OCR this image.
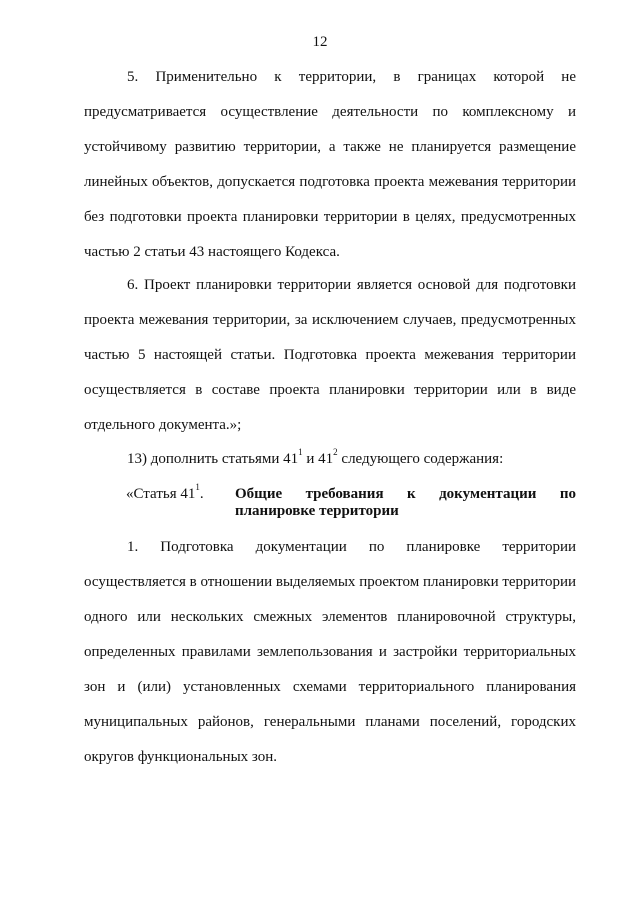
12
5. Применительно к территории, в границах которой не
предусматривается осуществление деятельности по комплексному и
устойчивому развитию территории, а также не планируется размещение
линейных объектов, допускается подготовка проекта межевания территории
без подготовки проекта планировки территории в целях, предусмотренных
частью 2 статьи 43 настоящего Кодекса.
6. Проект планировки территории является основой для подготовки
проекта межевания территории, за исключением случаев, предусмотренных
частью 5 настоящей статьи. Подготовка проекта межевания территории
осуществляется в составе проекта планировки территории или в виде
отдельного документа.»;
13) дополнить статьями $41^1$ и $41^2$ следующего содержания:
«Статья $41^1$. Общие требования к документации по
планировке территории
1. Подготовка документации по планировке территории
осуществляется в отношении выделяемых проектом планировки территории
одного или нескольких смежных элементов планировочной структуры,
определенных правилами землепользования и застройки территориальных
зон и (или) установленных схемами территориального планирования
муниципальных районов, генеральными планами поселений, городских
округов функциональных зон.
